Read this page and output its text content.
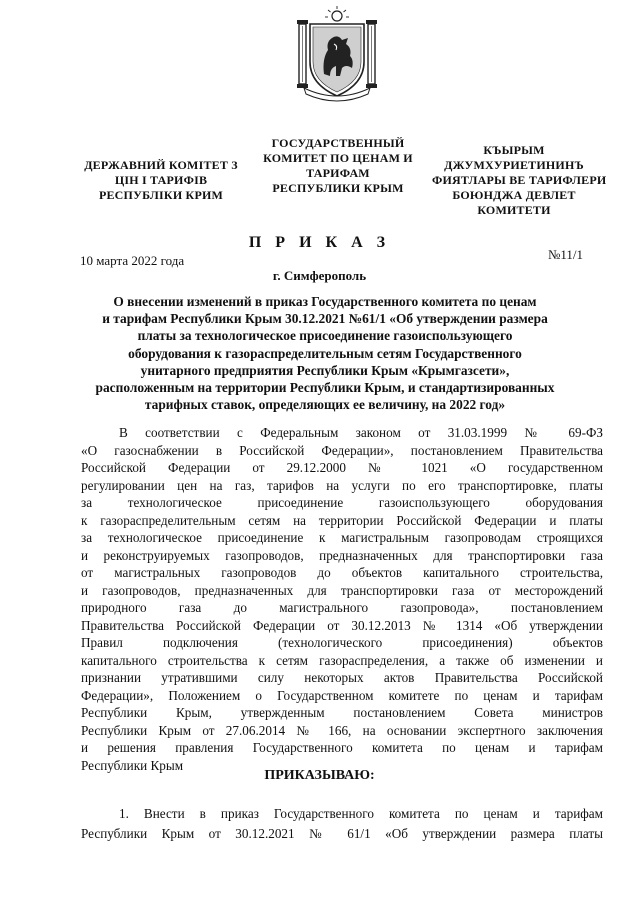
ДЕРЖАВНИЙ КОМІТЕТ З
ЦІН І ТАРИФІВ
РЕСПУБЛІКИ КРИМ
ГОСУДАРСТВЕННЫЙ
КОМИТЕТ ПО ЦЕНАМ И
ТАРИФАМ
РЕСПУБЛИКИ КРЫМ
КЪЫРЫМ
ДЖУМХУРИЕТИНИНЪ
ФИЯТЛАРЫ ВЕ ТАРИФЛЕРИ
БОЮНДЖА ДЕВЛЕТ
КОМИТЕТИ
П Р И К А З
10 марта 2022 года	№11/1
г. Симферополь
О внесении изменений в приказ Государственного комитета по ценам
и тарифам Республики Крым 30.12.2021 №61/1 «Об утверждении размера
платы за технологическое присоединение газоиспользующего
оборудования к газораспределительным сетям Государственного
унитарного предприятия Республики Крым «Крымгазсети»,
расположенным на территории Республики Крым, и стандартизированных
тарифных ставок, определяющих ее величину, на 2022 год»
В соответствии с Федеральным законом от 31.03.1999 № 69-ФЗ
«О газоснабжении в Российской Федерации», постановлением Правительства
Российской Федерации от 29.12.2000 № 1021 «О государственном
регулировании цен на газ, тарифов на услуги по его транспортировке, платы
за технологическое присоединение газоиспользующего оборудования
к газораспределительным сетям на территории Российской Федерации и платы
за технологическое присоединение к магистральным газопроводам строящихся
и реконструируемых газопроводов, предназначенных для транспортировки газа
от магистральных газопроводов до объектов капитального строительства,
и газопроводов, предназначенных для транспортировки газа от месторождений
природного газа до магистрального газопровода», постановлением
Правительства Российской Федерации от 30.12.2013 № 1314 «Об утверждении
Правил подключения (технологического присоединения) объектов
капитального строительства к сетям газораспределения, а также об изменении и
признании утратившими силу некоторых актов Правительства Российской
Федерации», Положением о Государственном комитете по ценам и тарифам
Республики Крым, утвержденным постановлением Совета министров
Республики Крым от 27.06.2014 № 166, на основании экспертного заключения
и решения правления Государственного комитета по ценам и тарифам
Республики Крым
ПРИКАЗЫВАЮ:
1. Внести в приказ Государственного комитета по ценам и тарифам
Республики Крым от 30.12.2021 № 61/1 «Об утверждении размера платы
